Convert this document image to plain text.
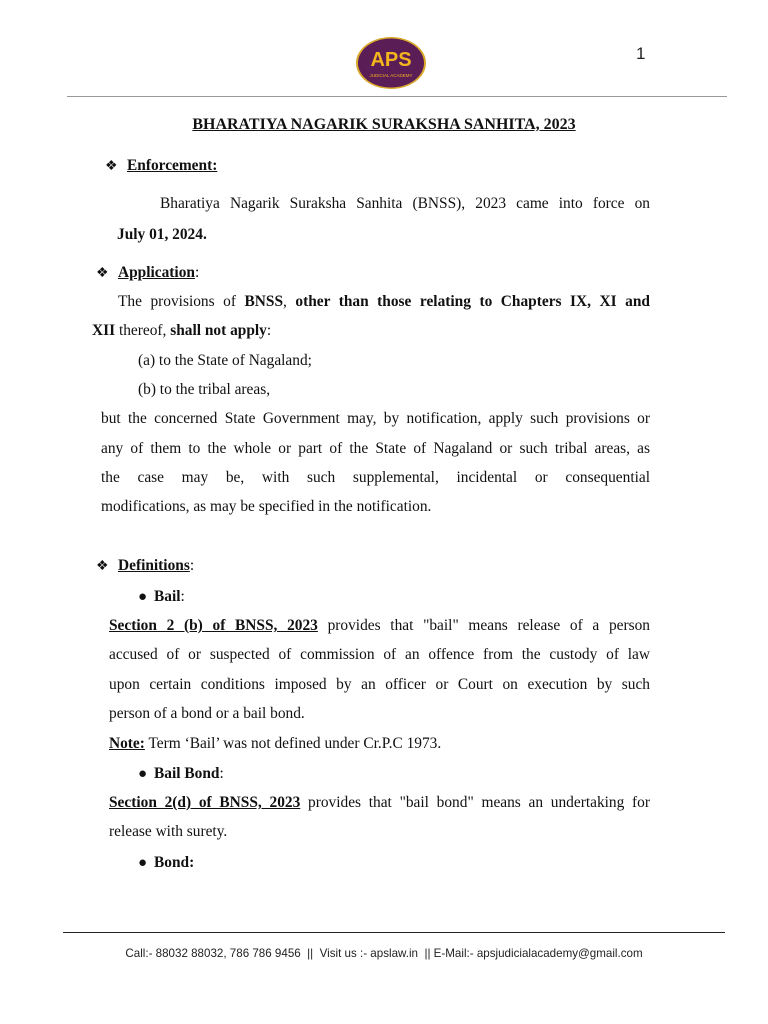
APS
JUDICIAL ACADEMY
1
BHARATIYA NAGARIK SURAKSHA SANHITA, 2023
❖ Enforcement:
Bharatiya Nagarik Suraksha Sanhita (BNSS), 2023 came into force on
July 01, 2024.
❖ Application:
The provisions of BNSS, other than those relating to Chapters IX, XI and
XII thereof, shall not apply:
(a) to the State of Nagaland;
(b) to the tribal areas,
but the concerned State Government may, by notification, apply such provisions or
any of them to the whole or part of the State of Nagaland or such tribal areas, as
the case may be, with such supplemental, incidental or consequential
modifications, as may be specified in the notification.
❖ Definitions:
● Bail:
Section 2 (b) of BNSS, 2023 provides that "bail" means release of a person
accused of or suspected of commission of an offence from the custody of law
upon certain conditions imposed by an officer or Court on execution by such
person of a bond or a bail bond.
Note: Term ‘Bail’ was not defined under Cr.P.C 1973.
● Bail Bond:
Section 2(d) of BNSS, 2023 provides that "bail bond" means an undertaking for
release with surety.
● Bond:
Call:- 88032 88032, 786 786 9456  ||  Visit us :- apslaw.in  || E-Mail:- apsjudicialacademy@gmail.com
